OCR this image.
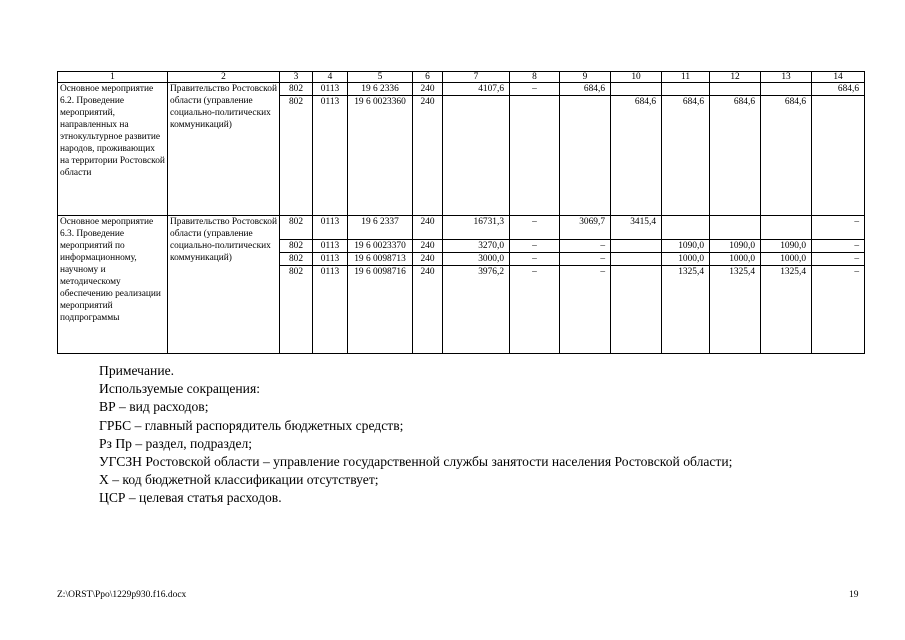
1	2	3	4	5	6	7	8	9	10	11	12	13	14
Основное мероприятие 6.2. Проведение мероприятий, направленных на этнокультурное развитие народов, проживающих на территории Ростовской области	Правительство Ростовской области (управление социально-политических коммуникаций)	802	0113	19 6 2336	240	4107,6	–	684,6					684,6
		802	0113	19 6 0023360	240				684,6	684,6	684,6	684,6	
Основное мероприятие 6.3. Проведение мероприятий по информационному, научному и методическому обеспечению реализации мероприятий подпрограммы	Правительство Ростовской области (управление социально-политических коммуникаций)	802	0113	19 6 2337	240	16731,3	–	3069,7	3415,4				–
		802	0113	19 6 0023370	240	3270,0	–	–		1090,0	1090,0	1090,0	–
		802	0113	19 6 0098713	240	3000,0	–	–		1000,0	1000,0	1000,0	–
		802	0113	19 6 0098716	240	3976,2	–	–		1325,4	1325,4	1325,4	–
Примечание.
Используемые сокращения:
ВР – вид расходов;
ГРБС – главный распорядитель бюджетных средств;
Рз Пр – раздел, подраздел;
УГСЗН Ростовской области – управление государственной службы занятости населения Ростовской области;
Х – код бюджетной классификации отсутствует;
ЦСР – целевая статья расходов.
Z:\ORST\Ppo\1229p930.f16.docx	19
